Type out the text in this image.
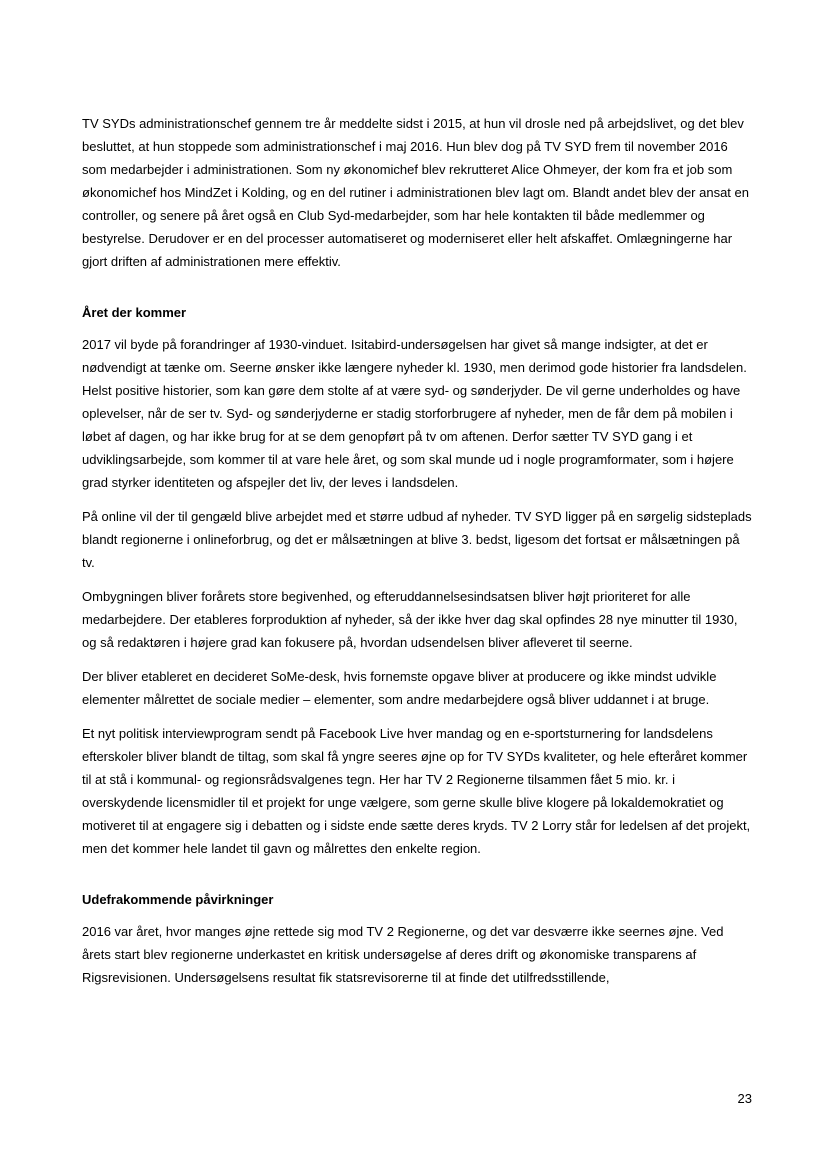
TV SYDs administrationschef gennem tre år meddelte sidst i 2015, at hun vil drosle ned på arbejdslivet, og det blev besluttet, at hun stoppede som administrationschef i maj 2016. Hun blev dog på TV SYD frem til november 2016 som medarbejder i administrationen. Som ny økonomichef blev rekrutteret Alice Ohmeyer, der kom fra et job som økonomichef hos MindZet i Kolding, og en del rutiner i administrationen blev lagt om. Blandt andet blev der ansat en controller, og senere på året også en Club Syd-medarbejder, som har hele kontakten til både medlemmer og bestyrelse. Derudover er en del processer automatiseret og moderniseret eller helt afskaffet. Omlægningerne har gjort driften af administrationen mere effektiv.

Året der kommer

2017 vil byde på forandringer af 1930-vinduet. Isitabird-undersøgelsen har givet så mange indsigter, at det er nødvendigt at tænke om. Seerne ønsker ikke længere nyheder kl. 1930, men derimod gode historier fra landsdelen. Helst positive historier, som kan gøre dem stolte af at være syd- og sønderjyder. De vil gerne underholdes og have oplevelser, når de ser tv. Syd- og sønderjyderne er stadig storforbrugere af nyheder, men de får dem på mobilen i løbet af dagen, og har ikke brug for at se dem genopført på tv om aftenen. Derfor sætter TV SYD gang i et udviklingsarbejde, som kommer til at vare hele året, og som skal munde ud i nogle programformater, som i højere grad styrker identiteten og afspejler det liv, der leves i landsdelen.

På online vil der til gengæld blive arbejdet med et større udbud af nyheder. TV SYD ligger på en sørgelig sidsteplads blandt regionerne i onlineforbrug, og det er målsætningen at blive 3. bedst, ligesom det fortsat er målsætningen på tv.

Ombygningen bliver forårets store begivenhed, og efteruddannelsesindsatsen bliver højt prioriteret for alle medarbejdere. Der etableres forproduktion af nyheder, så der ikke hver dag skal opfindes 28 nye minutter til 1930, og så redaktøren i højere grad kan fokusere på, hvordan udsendelsen bliver afleveret til seerne.

Der bliver etableret en decideret SoMe-desk, hvis fornemste opgave bliver at producere og ikke mindst udvikle elementer målrettet de sociale medier – elementer, som andre medarbejdere også bliver uddannet i at bruge.

Et nyt politisk interviewprogram sendt på Facebook Live hver mandag og en e-sportsturnering for landsdelens efterskoler bliver blandt de tiltag, som skal få yngre seeres øjne op for TV SYDs kvaliteter, og hele efteråret kommer til at stå i kommunal- og regionsrådsvalgenes tegn. Her har TV 2 Regionerne tilsammen fået 5 mio. kr. i overskydende licensmidler til et projekt for unge vælgere, som gerne skulle blive klogere på lokaldemokratiet og motiveret til at engagere sig i debatten og i sidste ende sætte deres kryds. TV 2 Lorry står for ledelsen af det projekt, men det kommer hele landet til gavn og målrettes den enkelte region.

Udefrakommende påvirkninger

2016 var året, hvor manges øjne rettede sig mod TV 2 Regionerne, og det var desværre ikke seernes øjne. Ved årets start blev regionerne underkastet en kritisk undersøgelse af deres drift og økonomiske transparens af Rigsrevisionen. Undersøgelsens resultat fik statsrevisorerne til at finde det utilfredsstillende,

23
